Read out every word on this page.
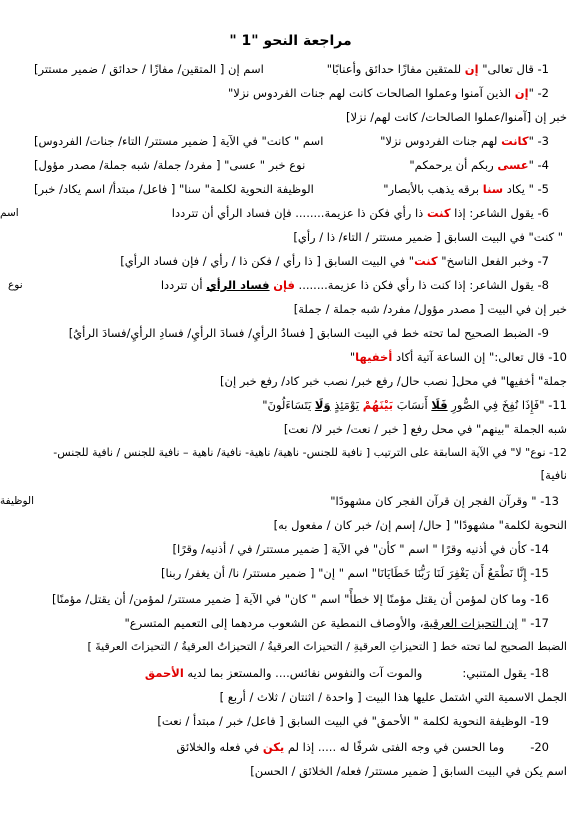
مراجعة النحو "1 "
1- قال تعالى" إن للمتقين مفازًا حدائق وأعنابًا"
اسم إن [ المتقين/ مفازًا / حدائق / ضمير مستتر]
2- "إن الذين آمنوا وعملوا الصالحات كانت لهم جنات الفردوس نزلا"
خبر إن [آمنوا/عملوا الصالحات/ كانت لهم/ نزلا]
3- "كانت لهم جنات الفردوس نزلا"
اسم " كانت" في الآية [ ضمير مستتر/ التاء/ جنات/ الفردوس]
4- "عسى ربكم أن يرحمكم"
نوع خبر " عسى" [ مفرد/ جملة/ شبه جملة/ مصدر مؤول]
5- " يكاد سنا برقه يذهب بالأبصار"
الوظيفة النحوية لكلمة" سنا" [ فاعل/ مبتدأ/ اسم يكاد/ خبر]
6- يقول الشاعر: إذا كنت ذا رأي فكن ذا عزيمة........ فإن فساد الرأي أن تترددا
اسم
" كنت" في البيت السابق [ ضمير مستتر / التاء/ ذا / رأي]
7- وخبر الفعل الناسخ" كنت" في البيت السابق [ ذا رأي / فكن ذا / رأي / فإن فساد الرأي]
8- يقول الشاعر: إذا كنت ذا رأي فكن ذا عزيمة........ فإن فساد الرأي أن تترددا
نوع
خبر إن في البيت [ مصدر مؤول/ مفرد/ شبه جملة / جملة]
9- الضبط الصحيح لما تحته خط في البيت السابق [ فسادُ الرأيِ/ فسادَ الرأيِ/ فسادِ الرأيِ/فسادَ الرأيُ]
10- قال تعالى:" إن الساعة آتية أكاد أخفيها"
جملة" أخفيها" في محل[ نصب حال/ رفع خبر/ نصب خبر كاد/ رفع خبر إن]
11- "فَإِذَا نُفِخَ فِي الصُّورِ فَلَا أَنسَابَ بَيْنَهُمْ يَوْمَئِذٍ وَلَا يَتَسَاءَلُونَ"
شبه الجملة "بينهم" في محل رفع [ خبر / نعت/ خبر لا/ نعت]
12- نوع" لا" في الآية السابقة على الترتيب [ نافية للجنس- ناهية/ ناهية- نافية/ ناهية – نافية للجنس / نافية للجنس-
نافية]
13- " وقرآن الفجر إن قرآن الفجر كان مشهودًا"
الوظيفة
النحوية لكلمة" مشهودًا" [ حال/ إسم إن/ خبر كان / مفعول به]
14- كأن في أذنيه وقرًا " اسم " كأن" في الآية [ ضمير مستتر/ في / أذنيه/ وقرًا]
15- إِنَّا نَطْمَعُ أَن يَغْفِرَ لَنَا رَبُّنَا خَطَايَانَا" اسم " إن" [ ضمير مستتر/ نا/ أن يغفر/ ربنا]
16- وما كان لمؤمن أن يقتل مؤمنًا إلا خطأً" اسم " كان" في الآية [ ضمير مستتر/ لمؤمن/ أن يقتل/ مؤمنًا]
17- " إن التحيزات العرقية، والأوصاف النمطية عن الشعوب مردهما إلى التعميم المتسرع"
الضبط الصحيح لما تحته خط [ التحيزاتِ العرقيةِ / التحيزاتَ العرقيةُ / التحيزاتُ العرقيةُ / التحيزاتَ العرقيةَ ]
18- يقول المتنبي:والموت آت والنفوس نفائس.... والمستعز بما لديه الأحمق
الجمل الاسمية التي اشتمل عليها هذا البيت [ واحدة / اثنتان / ثلاث / أربع ]
19- الوظيفة النحوية لكلمة " الأحمق" في البيت السابق [ فاعل/ خبر / مبتدأ / نعت]
20-وما الحسن في وجه الفتى شرفًا له ..... إذا لم يكن في فعله والخلائق
اسم يكن في البيت السابق [ ضمير مستتر/ فعله/ الخلائق / الحسن]
